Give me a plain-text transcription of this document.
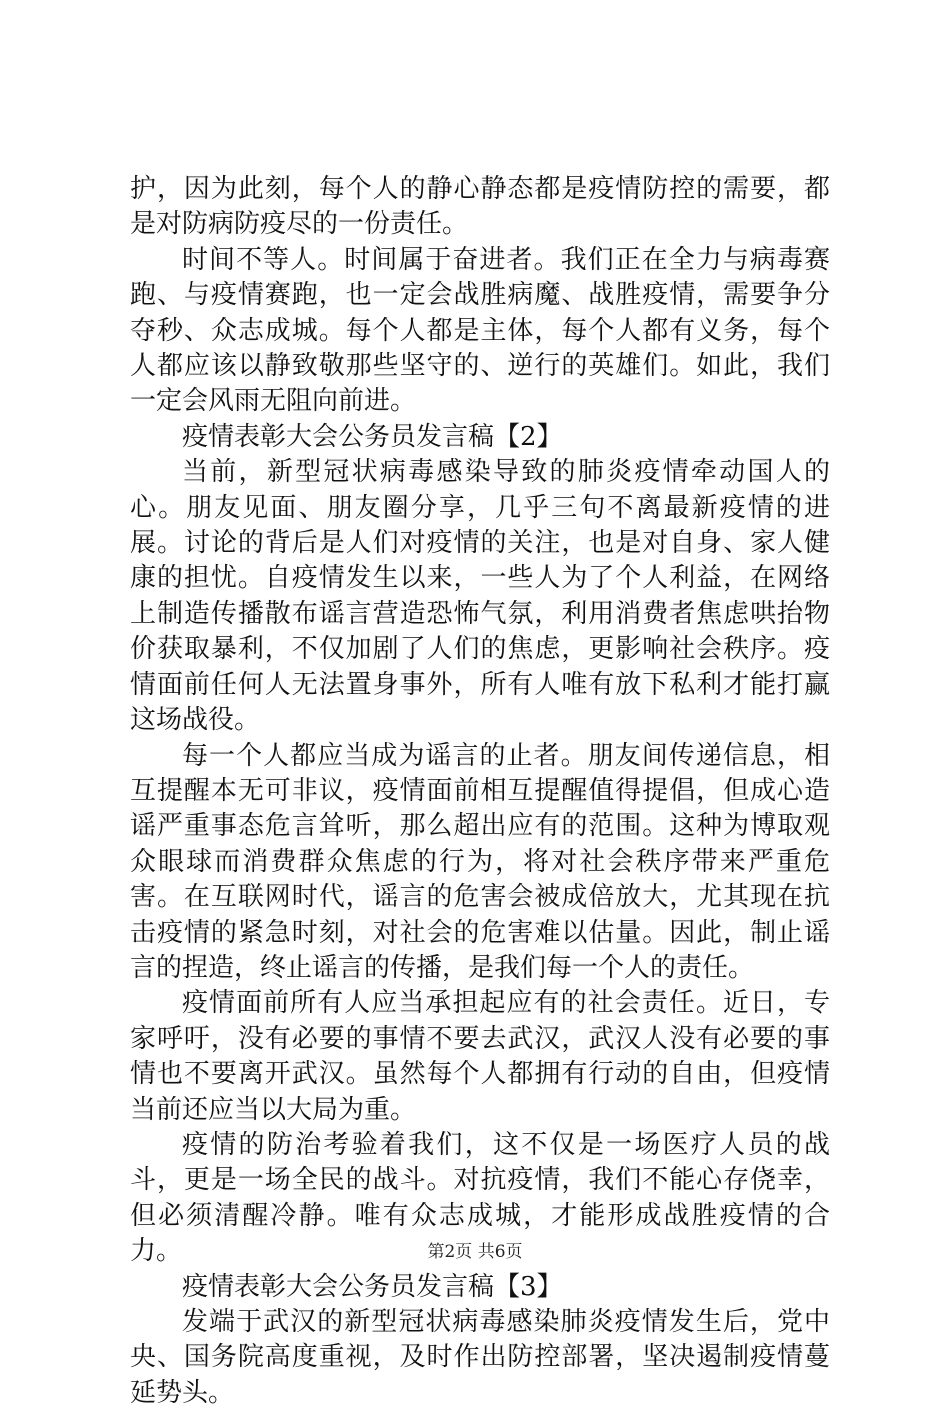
护，因为此刻，每个人的静心静态都是疫情防控的需要，都是对防病防疫尽的一份责任。

时间不等人。时间属于奋进者。我们正在全力与病毒赛跑、与疫情赛跑，也一定会战胜病魔、战胜疫情，需要争分夺秒、众志成城。每个人都是主体，每个人都有义务，每个人都应该以静致敬那些坚守的、逆行的英雄们。如此，我们一定会风雨无阻向前进。

疫情表彰大会公务员发言稿【2】

当前，新型冠状病毒感染导致的肺炎疫情牵动国人的心。朋友见面、朋友圈分享，几乎三句不离最新疫情的进展。讨论的背后是人们对疫情的关注，也是对自身、家人健康的担忧。自疫情发生以来，一些人为了个人利益，在网络上制造传播散布谣言营造恐怖气氛，利用消费者焦虑哄抬物价获取暴利，不仅加剧了人们的焦虑，更影响社会秩序。疫情面前任何人无法置身事外，所有人唯有放下私利才能打赢这场战役。

每一个人都应当成为谣言的止者。朋友间传递信息，相互提醒本无可非议，疫情面前相互提醒值得提倡，但成心造谣严重事态危言耸听，那么超出应有的范围。这种为博取观众眼球而消费群众焦虑的行为，将对社会秩序带来严重危害。在互联网时代，谣言的危害会被成倍放大，尤其现在抗击疫情的紧急时刻，对社会的危害难以估量。因此，制止谣言的捏造，终止谣言的传播，是我们每一个人的责任。

疫情面前所有人应当承担起应有的社会责任。近日，专家呼吁，没有必要的事情不要去武汉，武汉人没有必要的事情也不要离开武汉。虽然每个人都拥有行动的自由，但疫情当前还应当以大局为重。

疫情的防治考验着我们，这不仅是一场医疗人员的战斗，更是一场全民的战斗。对抗疫情，我们不能心存侥幸，但必须清醒冷静。唯有众志成城，才能形成战胜疫情的合力。

疫情表彰大会公务员发言稿【3】

发端于武汉的新型冠状病毒感染肺炎疫情发生后，党中央、国务院高度重视，及时作出防控部署，坚决遏制疫情蔓延势头。

第2页 共6页
